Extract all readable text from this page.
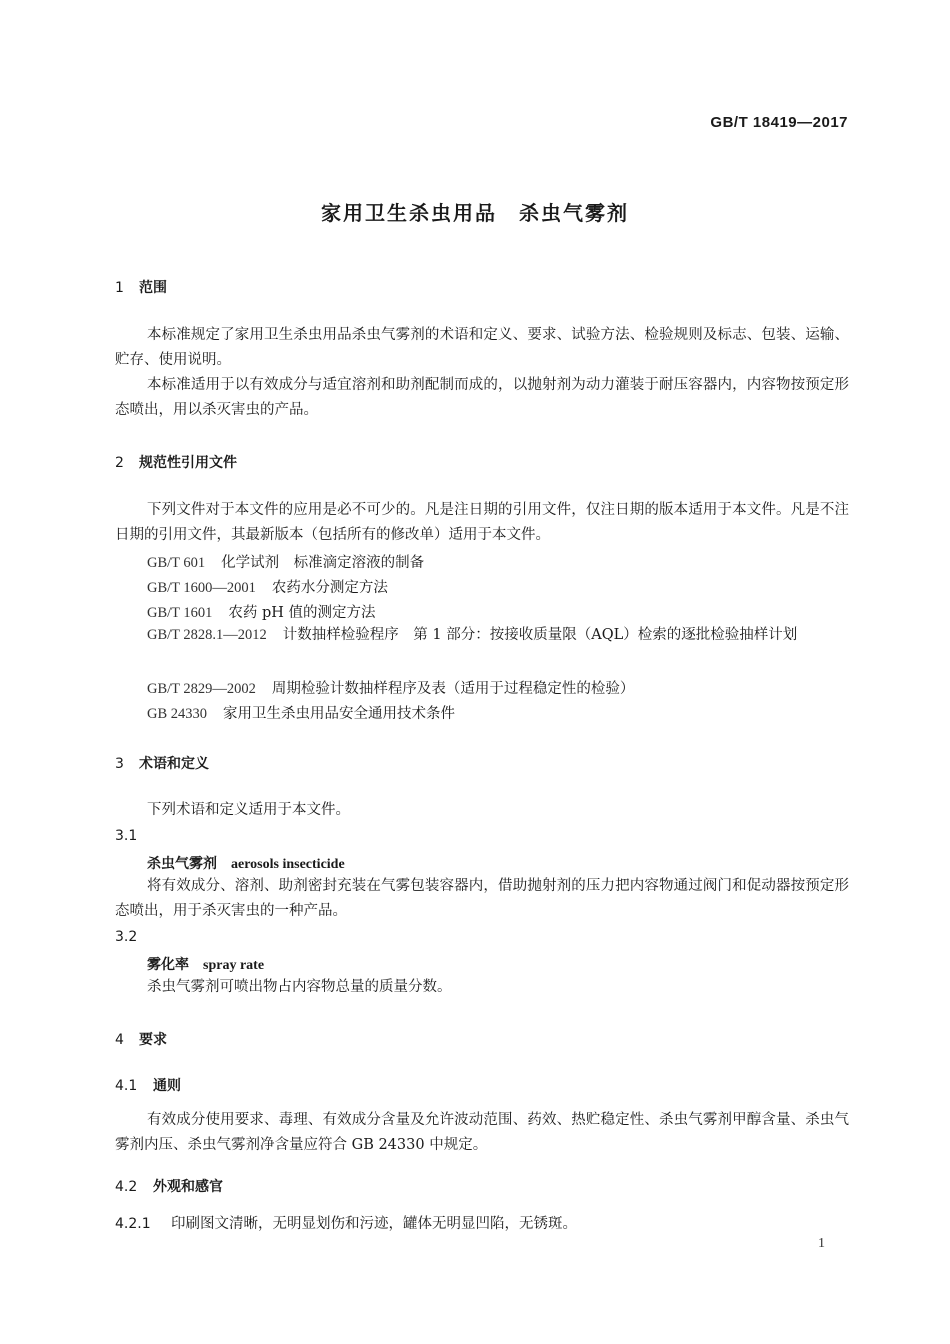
GB/T 18419—2017
家用卫生杀虫用品　杀虫气雾剂
1 范围
本标准规定了家用卫生杀虫用品杀虫气雾剂的术语和定义、要求、试验方法、检验规则及标志、包装、运输、贮存、使用说明。
本标准适用于以有效成分与适宜溶剂和助剂配制而成的，以抛射剂为动力灌装于耐压容器内，内容物按预定形态喷出，用以杀灭害虫的产品。
2 规范性引用文件
下列文件对于本文件的应用是必不可少的。凡是注日期的引用文件，仅注日期的版本适用于本文件。凡是不注日期的引用文件，其最新版本（包括所有的修改单）适用于本文件。
GB/T 601 化学试剂　标准滴定溶液的制备
GB/T 1600—2001 农药水分测定方法
GB/T 1601 农药 pH 值的测定方法
GB/T 2828.1—2012 计数抽样检验程序　第 1 部分：按接收质量限（AQL）检索的逐批检验抽样计划
GB/T 2829—2002 周期检验计数抽样程序及表（适用于过程稳定性的检验）
GB 24330 家用卫生杀虫用品安全通用技术条件
3 术语和定义
下列术语和定义适用于本文件。
3.1
杀虫气雾剂 aerosols insecticide
将有效成分、溶剂、助剂密封充装在气雾包装容器内，借助抛射剂的压力把内容物通过阀门和促动器按预定形态喷出，用于杀灭害虫的一种产品。
3.2
雾化率 spray rate
杀虫气雾剂可喷出物占内容物总量的质量分数。
4 要求
4.1 通则
有效成分使用要求、毒理、有效成分含量及允许波动范围、药效、热贮稳定性、杀虫气雾剂甲醇含量、杀虫气雾剂内压、杀虫气雾剂净含量应符合 GB 24330 中规定。
4.2 外观和感官
4.2.1 印刷图文清晰，无明显划伤和污迹，罐体无明显凹陷，无锈斑。
1
